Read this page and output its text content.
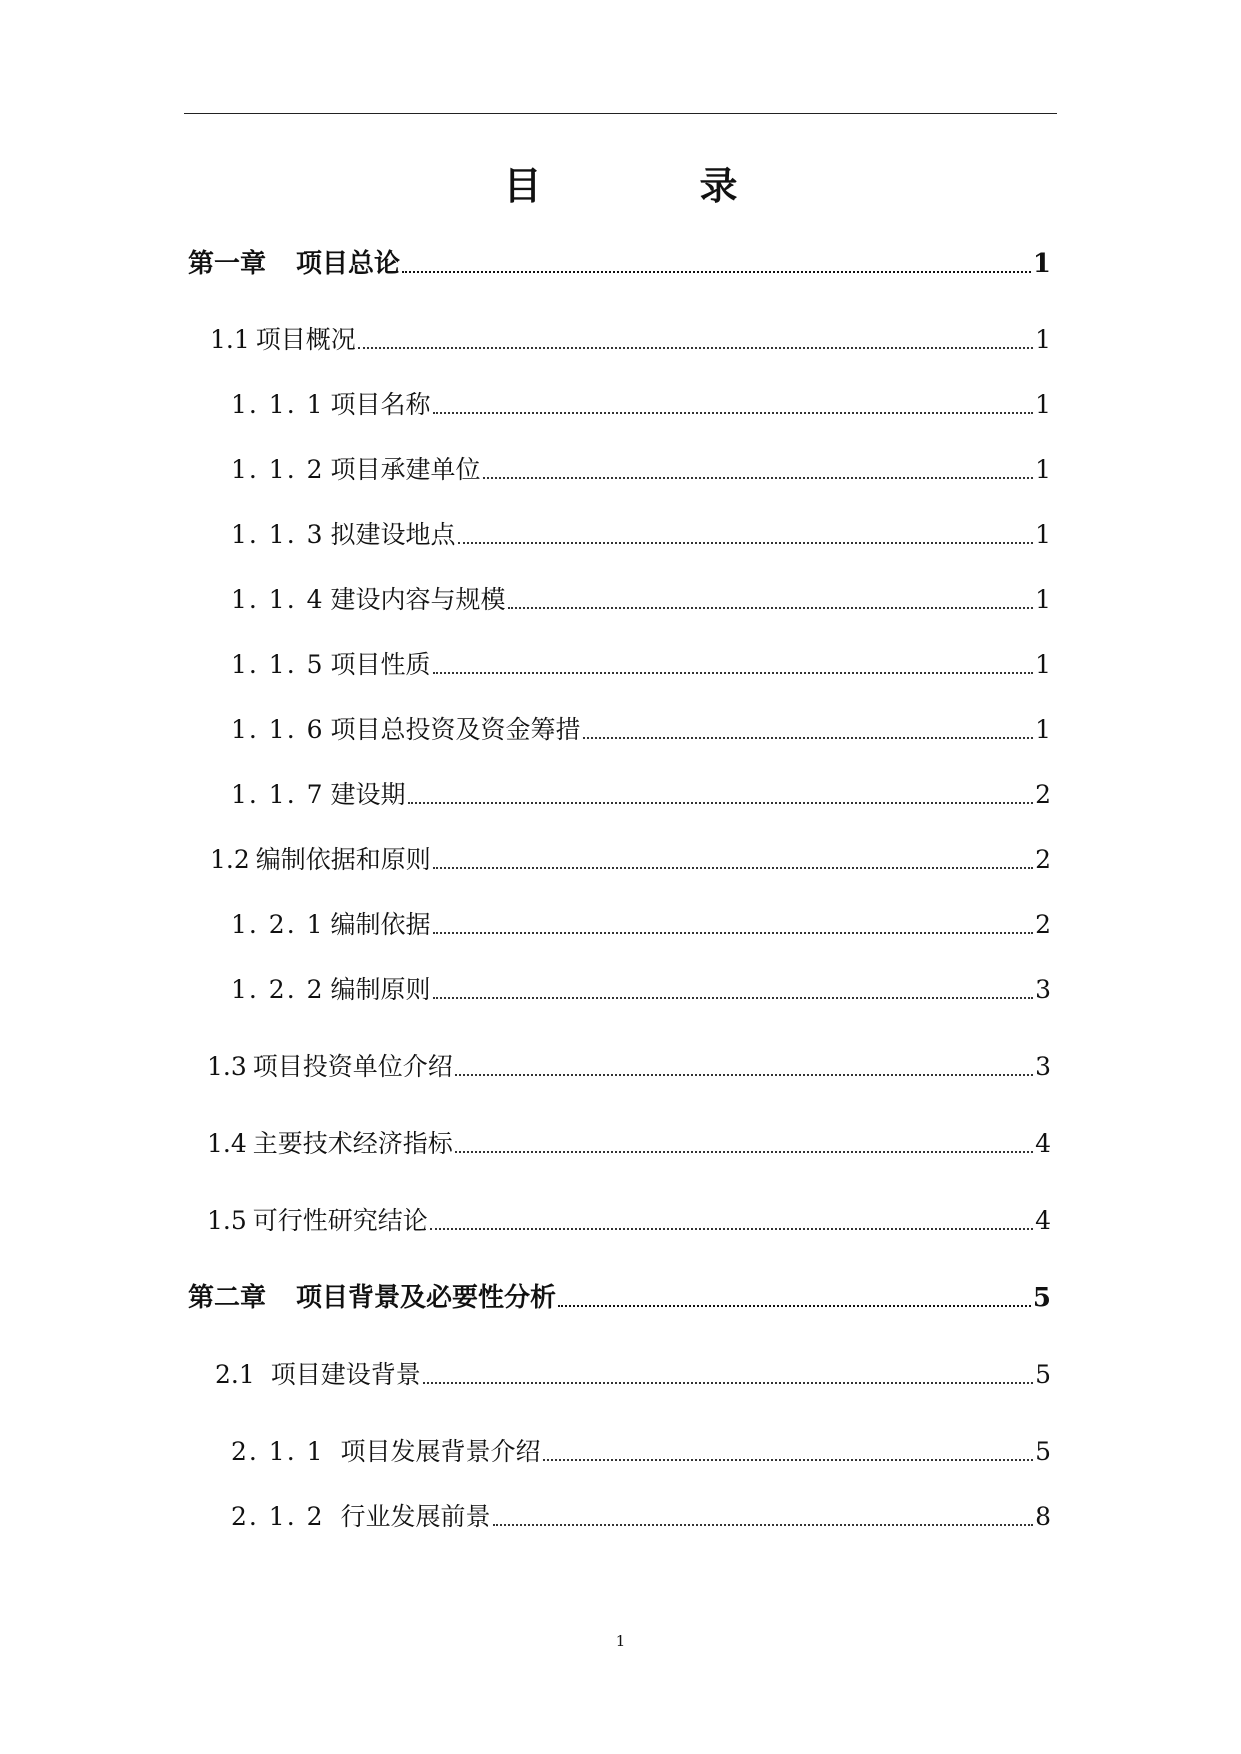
目　录
第一章	项目总论	1
1.1 项目概况	1
1. 1. 1 项目名称	1
1. 1. 2 项目承建单位	1
1. 1. 3 拟建设地点	1
1. 1. 4 建设内容与规模	1
1. 1. 5 项目性质	1
1. 1. 6 项目总投资及资金筹措	1
1. 1. 7 建设期	2
1.2 编制依据和原则	2
1. 2. 1 编制依据	2
1. 2. 2 编制原则	3
1.3 项目投资单位介绍	3
1.4 主要技术经济指标	4
1.5 可行性研究结论	4
第二章	项目背景及必要性分析	5
2.1 项目建设背景	5
2. 1. 1 项目发展背景介绍	5
2. 1. 2 行业发展前景	8
1
